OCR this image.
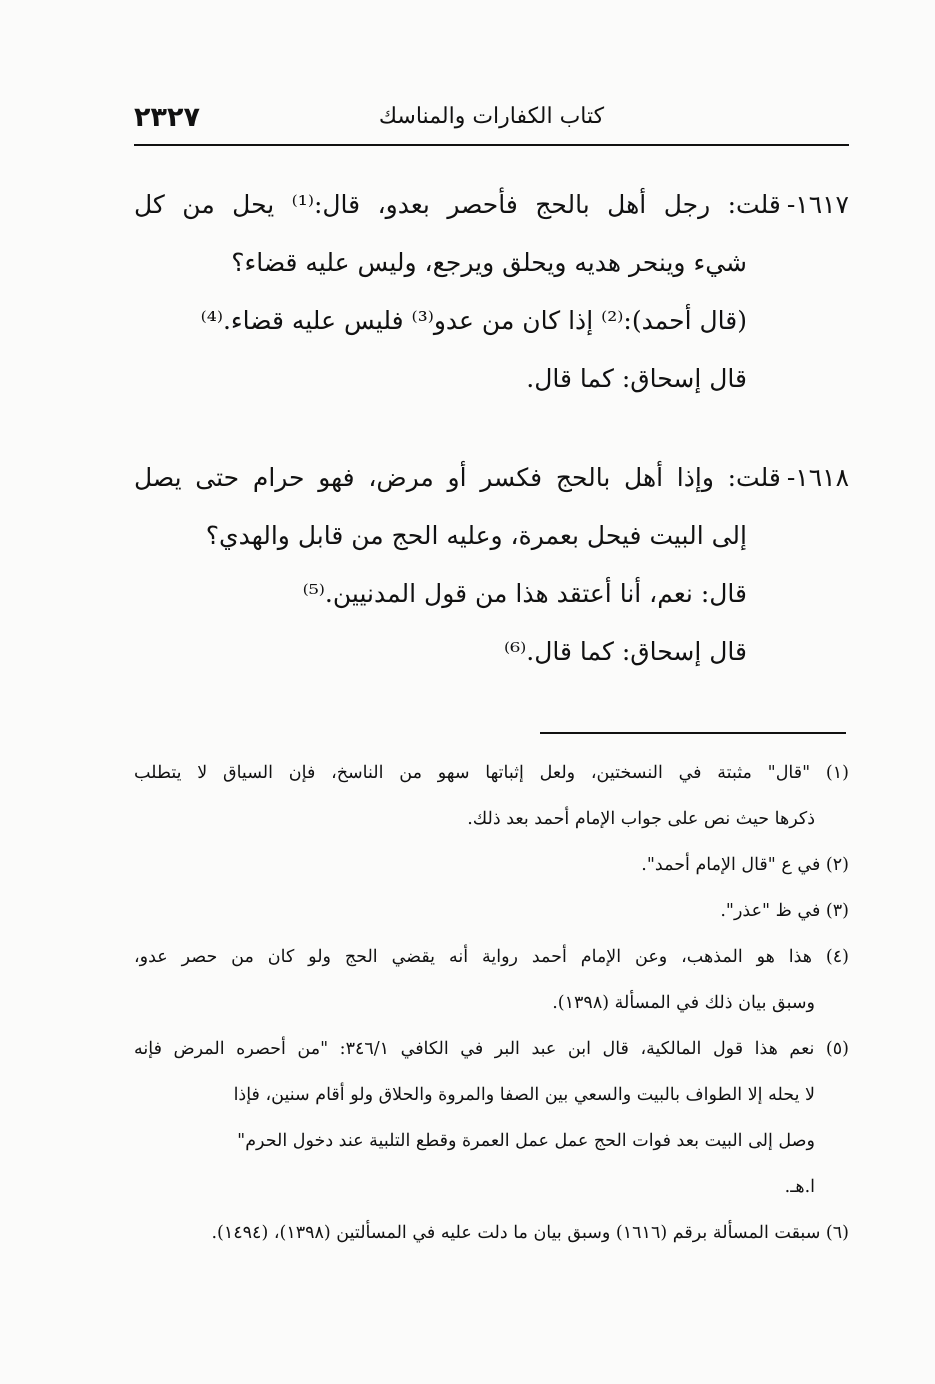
٢٣٢٧	كتاب الكفارات والمناسك

١٦١٧-قلت: رجل أهل بالحج فأحصر بعدو، قال:⁽¹⁾ يحل من كل

شيء وينحر هديه ويحلق ويرجع، وليس عليه قضاء؟

(قال أحمد):⁽²⁾ إذا كان من عدو⁽³⁾ فليس عليه قضاء.⁽⁴⁾

قال إسحاق: كما قال.

١٦١٨-قلت: وإذا أهل بالحج فكسر أو مرض، فهو حرام حتى يصل

إلى البيت فيحل بعمرة، وعليه الحج من قابل والهدي؟

قال: نعم، أنا أعتقد هذا من قول المدنيين.⁽⁵⁾

قال إسحاق: كما قال.⁽⁶⁾

(١) "قال" مثبتة في النسختين، ولعل إثباتها سهو من الناسخ، فإن السياق لا يتطلب
ذكرها حيث نص على جواب الإمام أحمد بعد ذلك.
(٢) في ع "قال الإمام أحمد".
(٣) في ظ "عذر".
(٤) هذا هو المذهب، وعن الإمام أحمد رواية أنه يقضي الحج ولو كان من حصر عدو،
وسبق بيان ذلك في المسألة (١٣٩٨).
(٥) نعم هذا قول المالكية، قال ابن عبد البر في الكافي ٣٤٦/١: "من أحصره المرض فإنه
لا يحله إلا الطواف بالبيت والسعي بين الصفا والمروة والحلاق ولو أقام سنين، فإذا
وصل إلى البيت بعد فوات الحج عمل عمل العمرة وقطع التلبية عند دخول الحرم"
ا.هـ.
(٦) سبقت المسألة برقم (١٦١٦) وسبق بيان ما دلت عليه في المسألتين (١٣٩٨)، (١٤٩٤).
